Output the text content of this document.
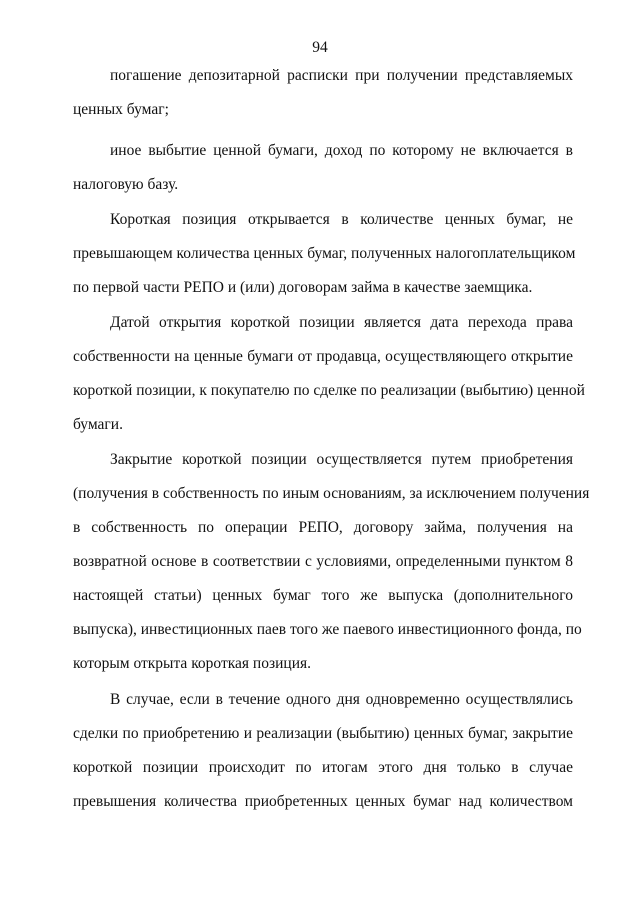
94
погашение депозитарной расписки при получении представляемых
ценных бумаг;
иное выбытие ценной бумаги, доход по которому не включается в
налоговую базу.
Короткая позиция открывается в количестве ценных бумаг, не
превышающем количества ценных бумаг, полученных налогоплательщиком
по первой части РЕПО и (или) договорам займа в качестве заемщика.
Датой открытия короткой позиции является дата перехода права
собственности на ценные бумаги от продавца, осуществляющего открытие
короткой позиции, к покупателю по сделке по реализации (выбытию) ценной
бумаги.
Закрытие короткой позиции осуществляется путем приобретения
(получения в собственность по иным основаниям, за исключением получения
в собственность по операции РЕПО, договору займа, получения на
возвратной основе в соответствии с условиями, определенными пунктом 8
настоящей статьи) ценных бумаг того же выпуска (дополнительного
выпуска), инвестиционных паев того же паевого инвестиционного фонда, по
которым открыта короткая позиция.
В случае, если в течение одного дня одновременно осуществлялись
сделки по приобретению и реализации (выбытию) ценных бумаг, закрытие
короткой позиции происходит по итогам этого дня только в случае
превышения количества приобретенных ценных бумаг над количеством
